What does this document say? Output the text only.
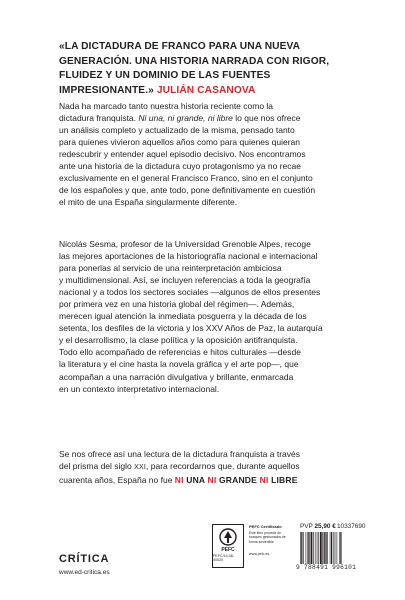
«LA DICTADURA DE FRANCO PARA UNA NUEVA GENERACIÓN. UNA HISTORIA NARRADA CON RIGOR, FLUIDEZ Y UN DOMINIO DE LAS FUENTES IMPRESIONANTE.» JULIÁN CASANOVA
Nada ha marcado tanto nuestra historia reciente como la
dictadura franquista. Ni una, ni grande, ni libre lo que nos ofrece
un análisis completo y actualizado de la misma, pensado tanto
para quienes vivieron aquellos años como para quienes quieran
redescubrir y entender aquel episodio decisivo. Nos encontramos
ante una historia de la dictadura cuyo protagonismo ya no recae
exclusivamente en el general Francisco Franco, sino en el conjunto
de los españoles y que, ante todo, pone definitivamente en cuestión
el mito de una España singularmente diferente.
Nicolás Sesma, profesor de la Universidad Grenoble Alpes, recoge
las mejores aportaciones de la historiografía nacional e internacional
para ponerlas al servicio de una reinterpretación ambiciosa
y multidimensional. Así, se incluyen referencias a toda la geografía
nacional y a todos los sectores sociales —algunos de ellos presentes
por primera vez en una historia global del régimen—. Además,
merecen igual atención la inmediata posguerra y la década de los
setenta, los desfiles de la victoria y los XXV Años de Paz, la autarquía
y el desarrollismo, la clase política y la oposición antifranquista.
Todo ello acompañado de referencias e hitos culturales —desde
la literatura y el cine hasta la novela gráfica y el arte pop—, que
acompañan a una narración divulgativa y brillante, enmarcada
en un contexto interpretativo internacional.
Se nos ofrece así una lectura de la dictadura franquista a través
del prisma del siglo XXI, para recordarnos que, durante aquellos
cuarenta años, España no fue NI UNA NI GRANDE NI LIBRE
CRÍTICA
www.ed-critica.es
PEFC
PEFC/14-38-00020
PEFC Certificado
Este libro procede de bosques gestionados de forma sostenible
www.pefc.es
PVP 25,90 € 10337690
9 788491 996101
